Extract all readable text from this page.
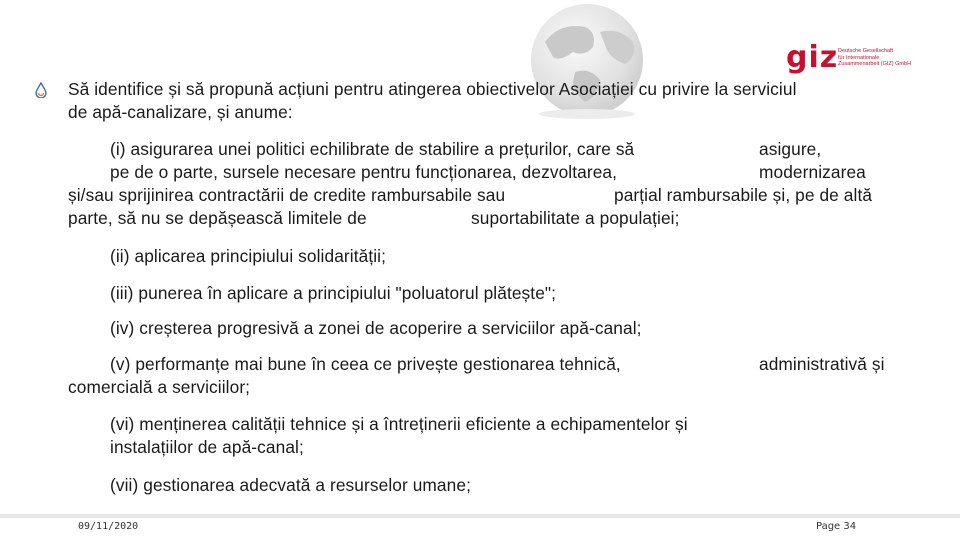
giz Deutsche Gesellschaft
für Internationale
Zusammenarbeit (GIZ) GmbH
Să identifice și să propună acțiuni pentru atingerea obiectivelor Asociației cu privire la serviciul
de apă-canalizare, și anume:
(i) asigurarea unei politici echilibrate de stabilire a prețurilor, care să	asigure,
pe de o parte, sursele necesare pentru funcționarea, dezvoltarea,	modernizarea
și/sau sprijinirea contractării de credite rambursabile sau	parțial rambursabile și, pe de altă
parte, să nu se depășească limitele de	suportabilitate a populației;
(ii) aplicarea principiului solidarității;
(iii) punerea în aplicare a principiului "poluatorul plătește";
(iv) creșterea progresivă a zonei de acoperire a serviciilor apă-canal;
(v) performanțe mai bune în ceea ce privește gestionarea tehnică,	administrativă și
comercială a serviciilor;
(vi) menținerea calității tehnice și a întreținerii eficiente a echipamentelor și
instalațiilor de apă-canal;
(vii) gestionarea adecvată a resurselor umane;
09/11/2020	Page 34
